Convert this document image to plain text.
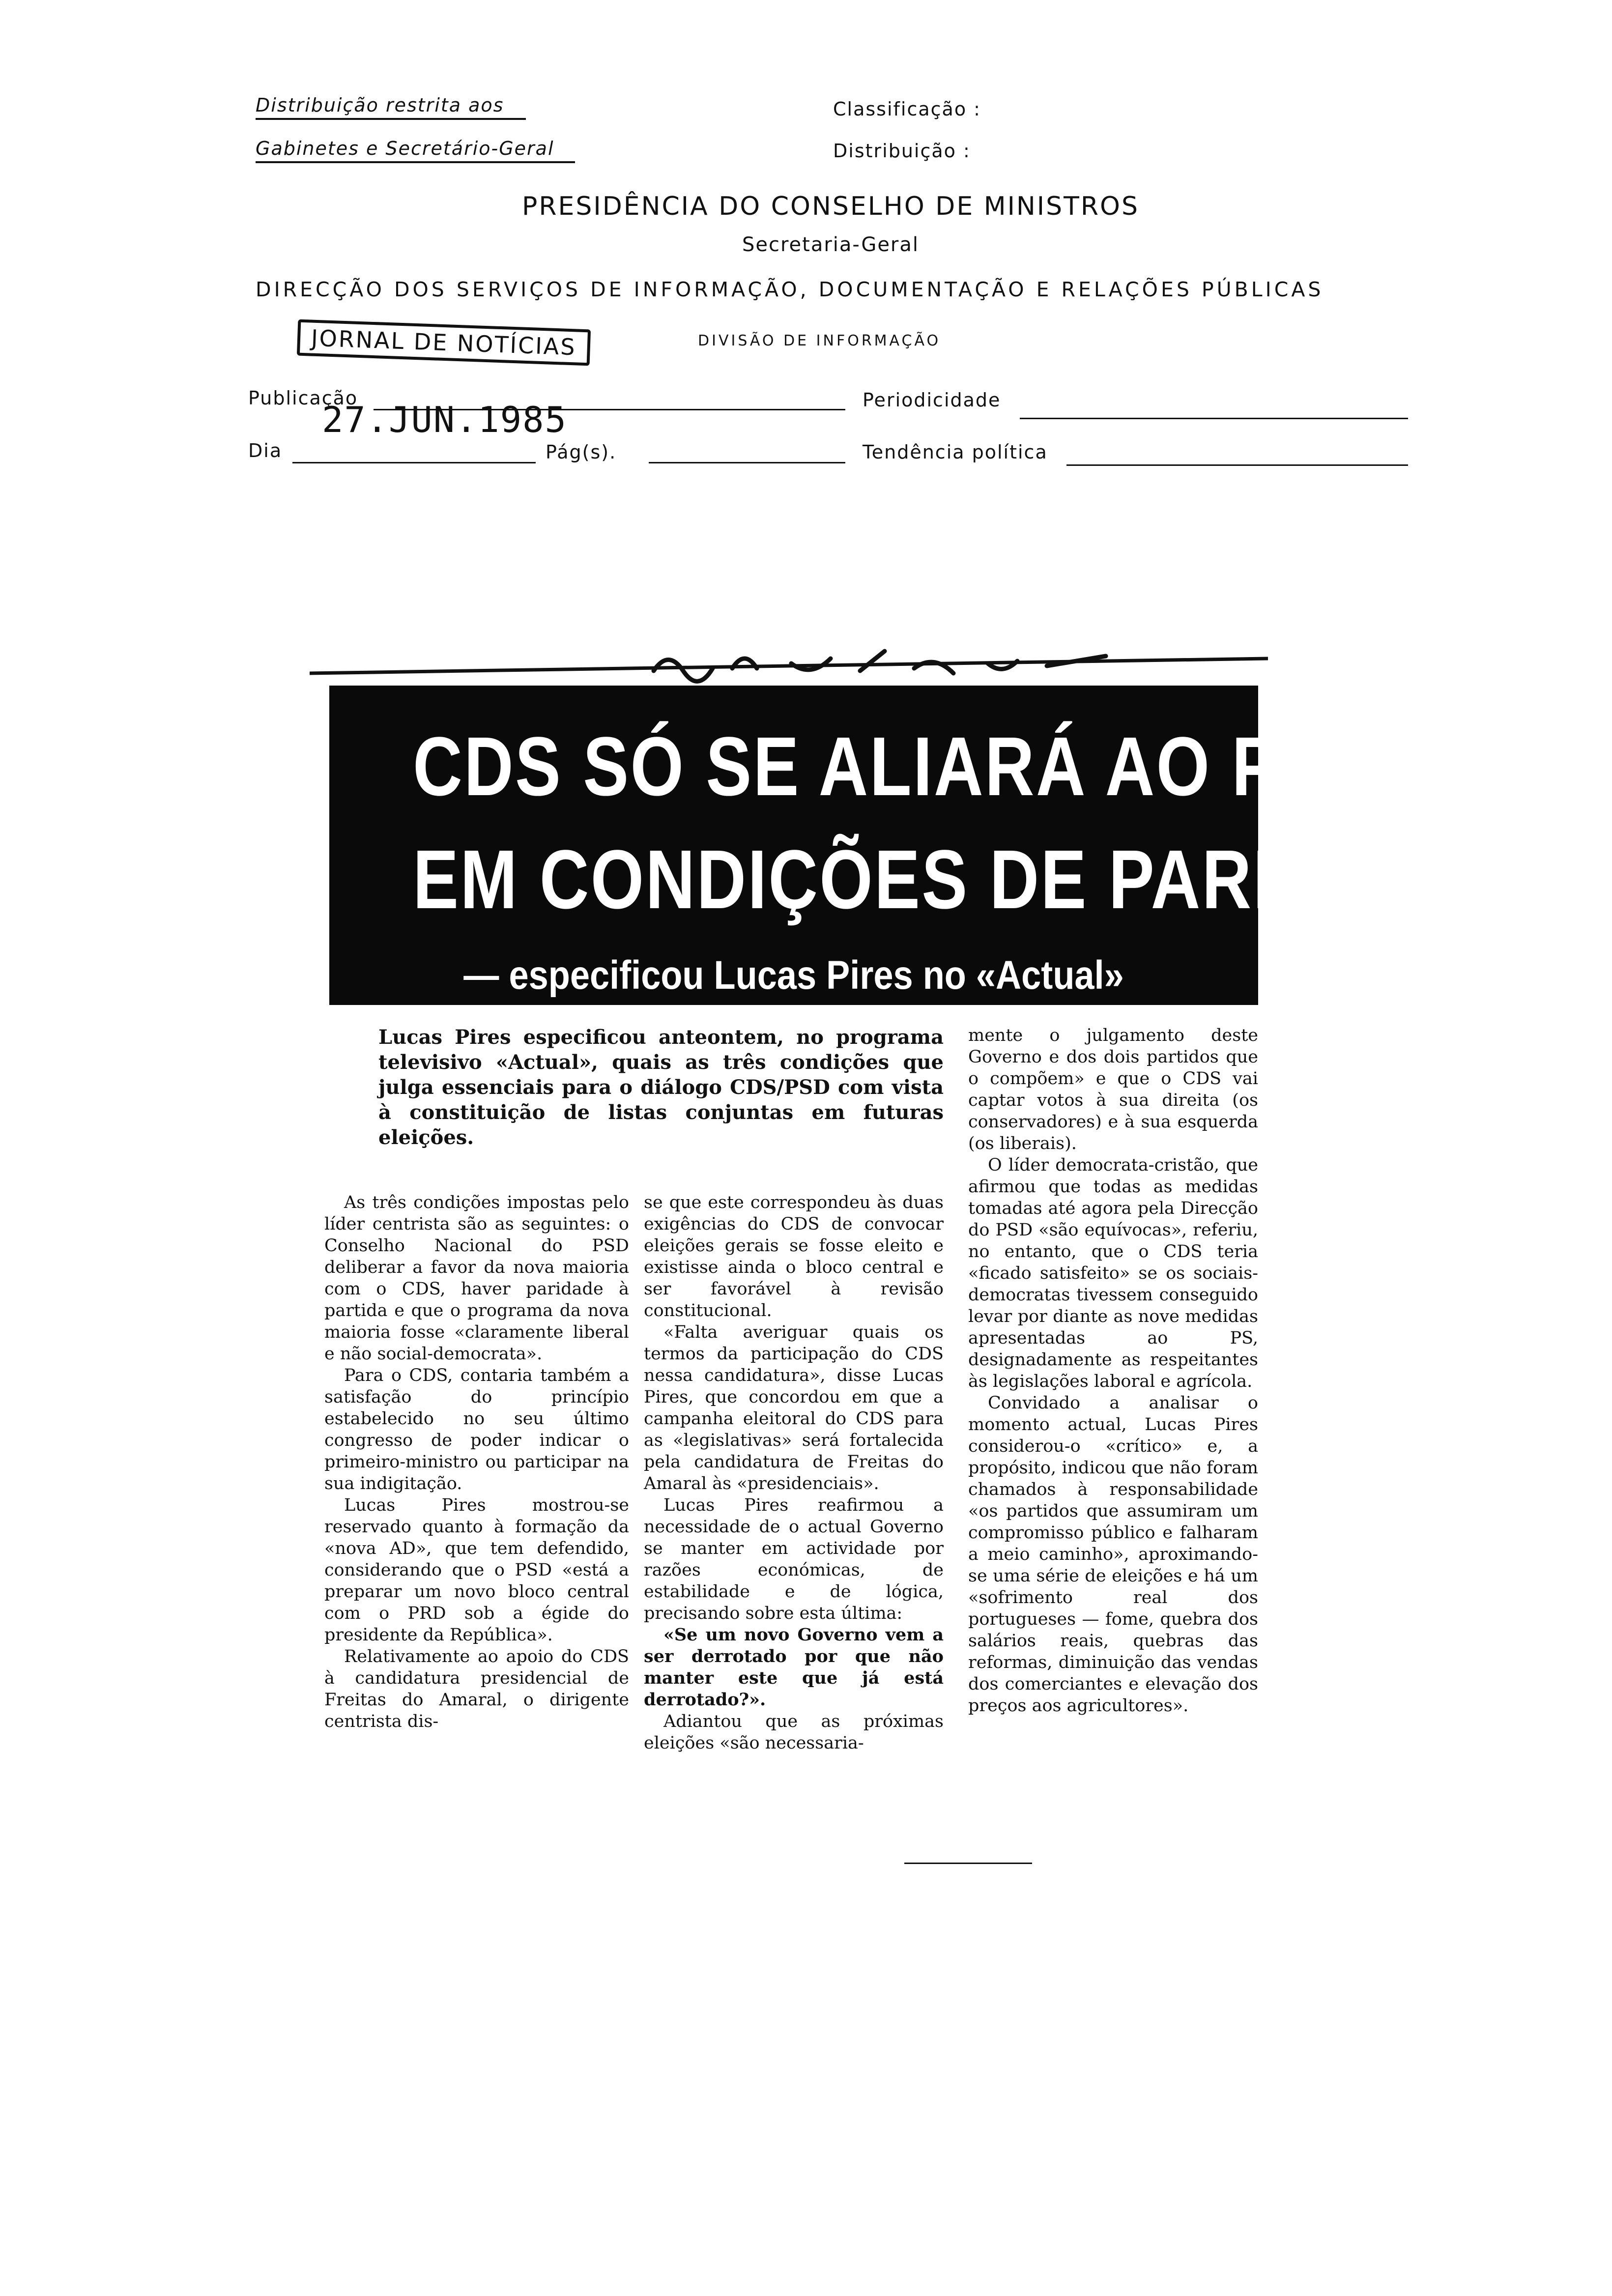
Distribuição restrita aos
Gabinetes e Secretário-Geral
Classificação :
Distribuição :
PRESIDÊNCIA DO CONSELHO DE MINISTROS
Secretaria-Geral
DIRECÇÃO DOS SERVIÇOS DE INFORMAÇÃO, DOCUMENTAÇÃO E RELAÇÕES PÚBLICAS
JORNAL DE NOTÍCIAS	DIVISÃO DE INFORMAÇÃO
Publicação
27.JUN.1985	Periodicidade
Dia	Pág(s).	Tendência política
CDS SÓ SE ALIARÁ AO PSD
EM CONDIÇÕES DE PARIDADE
— especificou Lucas Pires no «Actual»
Lucas Pires especificou anteontem, no programa televisivo «Actual», quais as três condições que julga essenciais para o diálogo CDS/PSD com vista à constituição de listas conjuntas em futuras eleições.

As três condições impostas pelo líder centrista são as seguintes: o Conselho Nacional do PSD deliberar a favor da nova maioria com o CDS, haver paridade à partida e que o programa da nova maioria fosse «claramente liberal e não social-democrata».

Para o CDS, contaria também a satisfação do princípio estabelecido no seu último congresso de poder indicar o primeiro-ministro ou participar na sua indigitação.

Lucas Pires mostrou-se reservado quanto à formação da «nova AD», que tem defendido, considerando que o PSD «está a preparar um novo bloco central com o PRD sob a égide do presidente da República».

Relativamente ao apoio do CDS à candidatura presidencial de Freitas do Amaral, o dirigente centrista dis-

se que este correspondeu às duas exigências do CDS de convocar eleições gerais se fosse eleito e existisse ainda o bloco central e ser favorável à revisão constitucional.

«Falta averiguar quais os termos da participação do CDS nessa candidatura», disse Lucas Pires, que concordou em que a campanha eleitoral do CDS para as «legislativas» será fortalecida pela candidatura de Freitas do Amaral às «presidenciais».

Lucas Pires reafirmou a necessidade de o actual Governo se manter em actividade por razões económicas, de estabilidade e de lógica, precisando sobre esta última:

«Se um novo Governo vem a ser derrotado por que não manter este que já está derrotado?».

Adiantou que as próximas eleições «são necessaria-

mente o julgamento deste Governo e dos dois partidos que o compõem» e que o CDS vai captar votos à sua direita (os conservadores) e à sua esquerda (os liberais).

O líder democrata-cristão, que afirmou que todas as medidas tomadas até agora pela Direcção do PSD «são equívocas», referiu, no entanto, que o CDS teria «ficado satisfeito» se os sociais-democratas tivessem conseguido levar por diante as nove medidas apresentadas ao PS, designadamente as respeitantes às legislações laboral e agrícola.

Convidado a analisar o momento actual, Lucas Pires considerou-o «crítico» e, a propósito, indicou que não foram chamados à responsabilidade «os partidos que assumiram um compromisso público e falharam a meio caminho», aproximando-se uma série de eleições e há um «sofrimento real dos portugueses — fome, quebra dos salários reais, quebras das reformas, diminuição das vendas dos comerciantes e elevação dos preços aos agricultores».
